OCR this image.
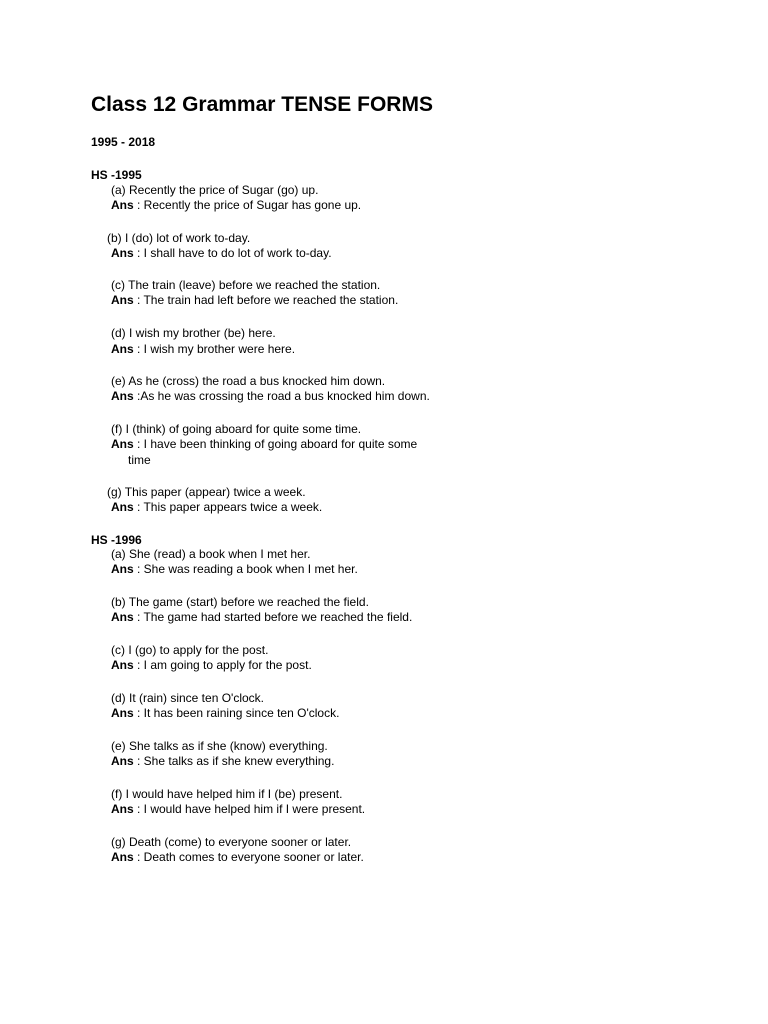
Class 12 Grammar TENSE FORMS
1995 - 2018
HS -1995
(a) Recently the price of Sugar (go) up.
Ans : Recently the price of Sugar has gone up.
(b) I (do) lot of work to-day.
Ans : I shall have to do lot of work to-day.
(c) The train (leave) before we reached the station.
Ans : The train had left before we reached the station.
(d) I wish my brother (be) here.
Ans : I wish my brother were here.
(e) As he (cross) the road a bus knocked him down.
Ans :As he was crossing the road a bus knocked him down.
(f) I (think) of going aboard for quite some time.
Ans : I have been thinking of going aboard for quite some
time
(g) This paper (appear) twice a week.
Ans : This paper appears twice a week.
HS -1996
(a) She (read) a book when I met her.
Ans : She was reading a book when I met her.
(b) The game (start) before we reached the field.
Ans : The game had started before we reached the field.
(c) I (go) to apply for the post.
Ans : I am going to apply for the post.
(d) It (rain) since ten O'clock.
Ans : It has been raining since ten O'clock.
(e) She talks as if she (know) everything.
Ans : She talks as if she knew everything.
(f) I would have helped him if I (be) present.
Ans : I would have helped him if I were present.
(g) Death (come) to everyone sooner or later.
Ans : Death comes to everyone sooner or later.
